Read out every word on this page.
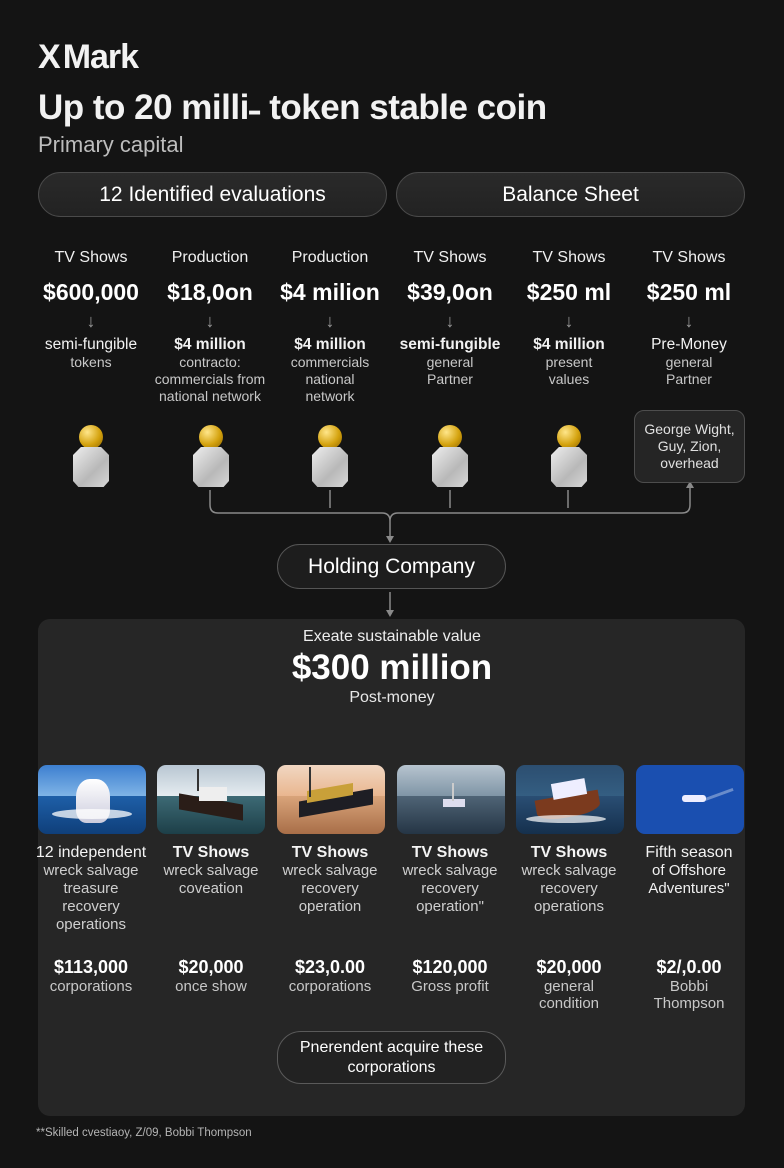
X Mark
Up to 20 milli˗ token stable coin
Primary capital
12 Identified evaluations	Balance Sheet
TV Shows
$600,000
↓
semi-fungible
tokens
Production
$18,0on
↓
$4 million
contracto:
commercials from
national network
Production
$4 milion
↓
$4 million
commercials
national
network
TV Shows
$39,0on
↓
semi-fungible
general
Partner
TV Shows
$250 ml
↓
$4 million
present
values
TV Shows
$250 ml
↓
Pre-Money
general
Partner
George Wight,
Guy, Zion,
overhead
Holding Company
Exeate sustainable value
$300 million
Post-money
12 independent
wreck salvage
treasure
recovery
operations
TV Shows
wreck salvage
coveation
TV Shows
wreck salvage
recovery
operation
TV Shows
wreck salvage
recovery
operation"
TV Shows
wreck salvage
recovery
operations
Fifth season
of Offshore
Adventures"
$113,000
corporations
$20,000
once show
$23,0.00
corporations
$120,000
Gross profit
$20,000
general
condition
$2/,0.00
Bobbi
Thompson
Pnerendent acquire these
corporations
**Skilled cvestiaoy, Z/09, Bobbi Thompson
